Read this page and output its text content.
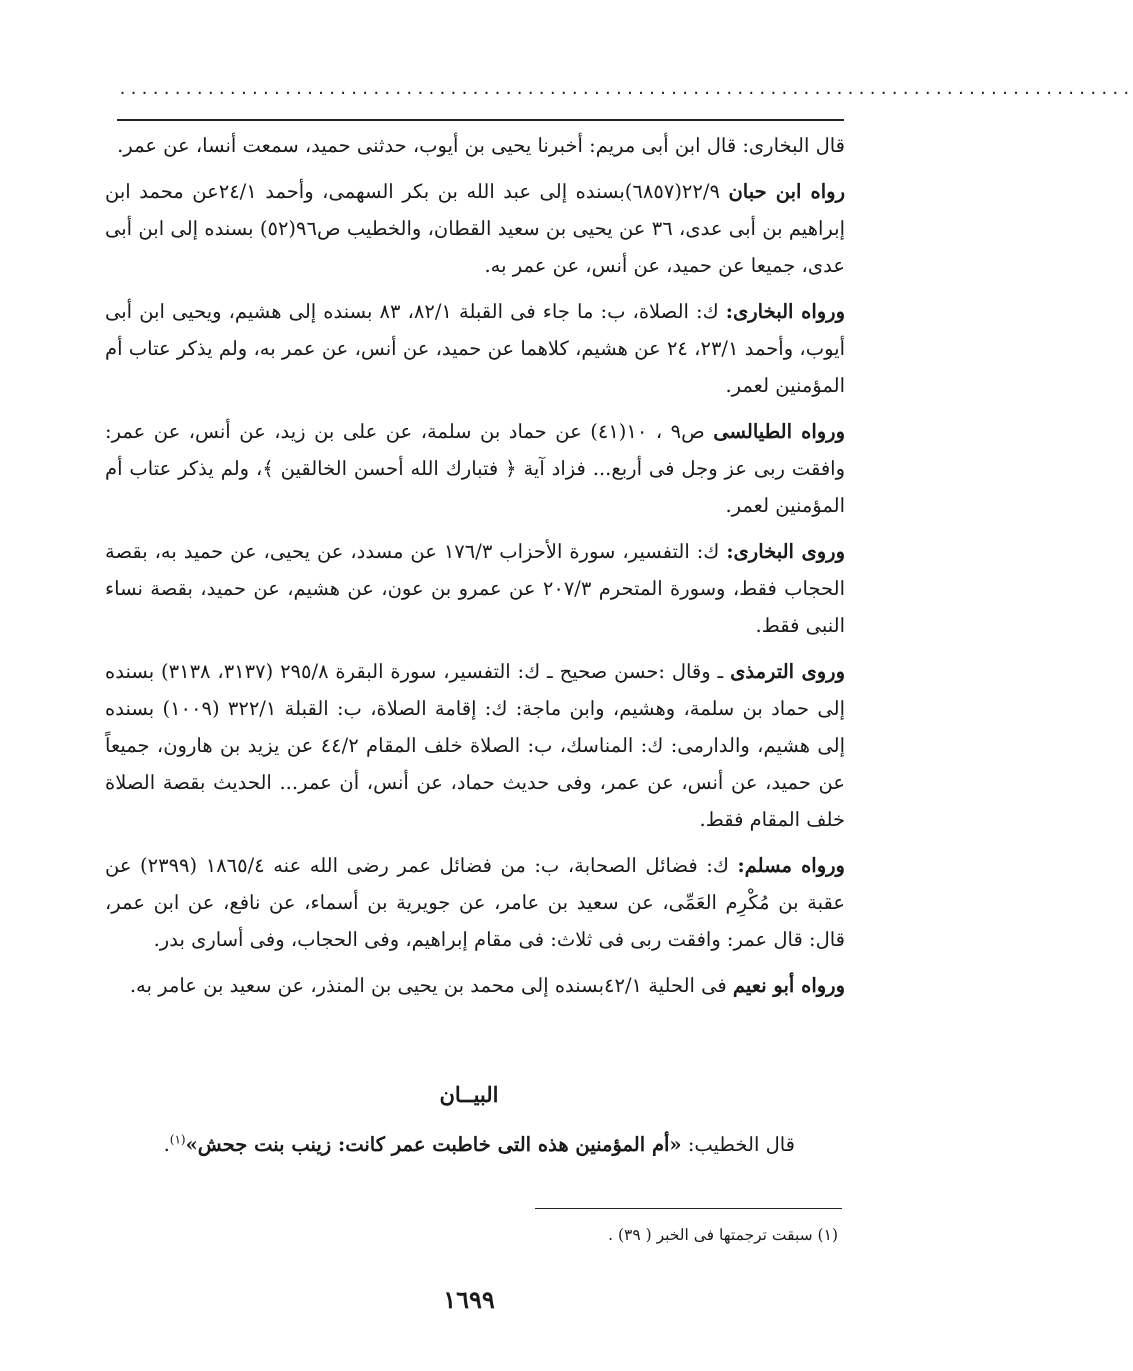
............................................................................................

قال البخارى: قال ابن أبى مريم: أخبرنا يحيى بن أيوب، حدثنى حميد، سمعت أنسا، عن عمر.

رواه ابن حبان ٢٢/٩(٦٨٥٧)بسنده إلى عبد الله بن بكر السهمى، وأحمد ٢٤/١عن محمد ابن إبراهيم بن أبى عدى، ٣٦ عن يحيى بن سعيد القطان، والخطيب ص٩٦(٥٢) بسنده إلى ابن أبى عدى، جميعا عن حميد، عن أنس، عن عمر به.

ورواه البخارى: ك: الصلاة، ب: ما جاء فى القبلة ٨٢/١، ٨٣ بسنده إلى هشيم، ويحيى ابن أبى أيوب، وأحمد ٢٣/١، ٢٤ عن هشيم، كلاهما عن حميد، عن أنس، عن عمر به، ولم يذكر عتاب أم المؤمنين لعمر.

ورواه الطيالسى ص٩ ، ١٠(٤١) عن حماد بن سلمة، عن على بن زيد، عن أنس، عن عمر: وافقت ربى عز وجل فى أربع... فزاد آية ﴿ فتبارك الله أحسن الخالقين ﴾، ولم يذكر عتاب أم المؤمنين لعمر.

وروى البخارى: ك: التفسير، سورة الأحزاب ١٧٦/٣ عن مسدد، عن يحيى، عن حميد به، بقصة الحجاب فقط، وسورة المتحرم ٢٠٧/٣ عن عمرو بن عون، عن هشيم، عن حميد، بقصة نساء النبى فقط.

وروى الترمذى ـ وقال :حسن صحيح ـ ك: التفسير، سورة البقرة ٢٩٥/٨ (٣١٣٧، ٣١٣٨) بسنده إلى حماد بن سلمة، وهشيم، وابن ماجة: ك: إقامة الصلاة، ب: القبلة ٣٢٢/١ (١٠٠٩) بسنده إلى هشيم، والدارمى: ك: المناسك، ب: الصلاة خلف المقام ٤٤/٢ عن يزيد بن هارون، جميعاً عن حميد، عن أنس، عن عمر، وفى حديث حماد، عن أنس، أن عمر... الحديث بقصة الصلاة خلف المقام فقط.

ورواه مسلم: ك: فضائل الصحابة، ب: من فضائل عمر رضى الله عنه ١٨٦٥/٤ (٢٣٩٩) عن عقبة بن مُكْرِم العَمِّى، عن سعيد بن عامر، عن جويرية بن أسماء، عن نافع، عن ابن عمر، قال: قال عمر: وافقت ربى فى ثلاث: فى مقام إبراهيم، وفى الحجاب، وفى أسارى بدر.

ورواه أبو نعيم فى الحلية ٤٢/١بسنده إلى محمد بن يحيى بن المنذر، عن سعيد بن عامر به.

البيــان
قال الخطيب: «أم المؤمنين هذه التى خاطبت عمر كانت: زينب بنت جحش»$^{(١)}$.
(١) سبقت ترجمتها فى الخبر ( ٣٩) .
١٦٩٩
